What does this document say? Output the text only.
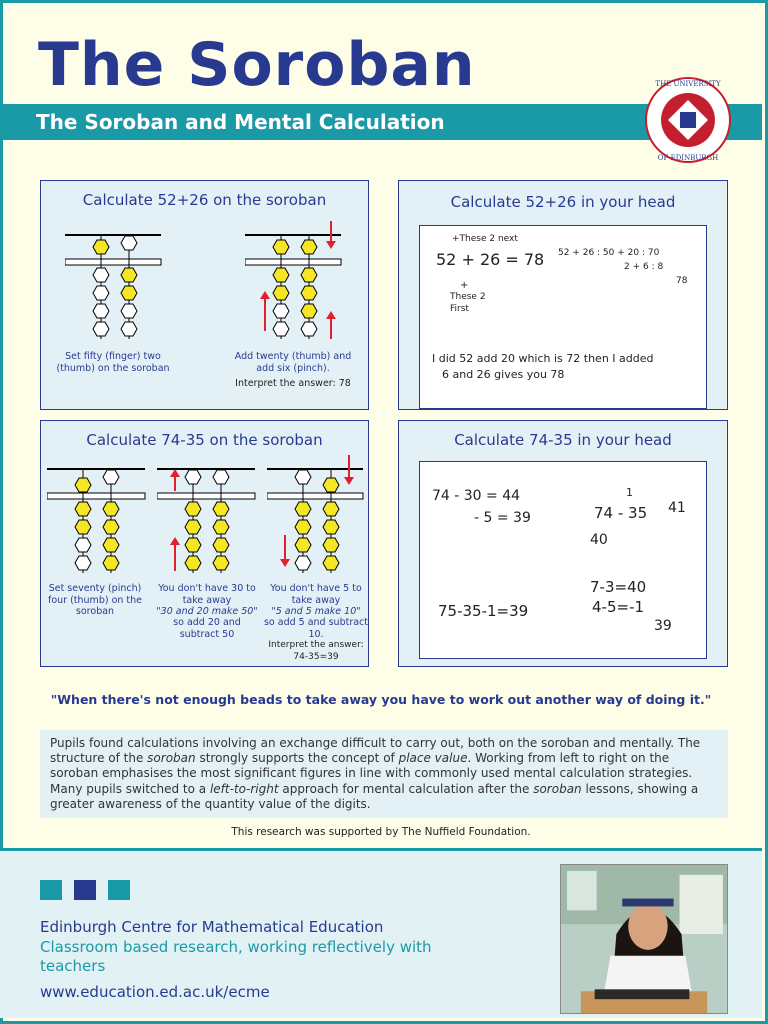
The Soroban
The Soroban and Mental Calculation
THE UNIVERSITY
OF EDINBURGH
Calculate 52+26 on the soroban
Set fifty (finger) two (thumb) on the soroban
Add twenty (thumb) and add six (pinch).
Interpret the answer: 78
Calculate 52+26 in your head
+These 2 next
52 + 26 = 78
+
These 2
First
52 + 26 : 50 + 20 : 70
2 + 6 : 8
78
I did 52 add 20 which is 72 then I added
6 and 26 gives you 78
Calculate 74-35 on the soroban
Set seventy (pinch) four (thumb) on the soroban
You don't have 30 to take away
"30 and 20 make 50"
so add 20 and subtract 50
You don't have 5 to take away
"5 and 5 make 10"
so add 5 and subtract 10.
Interpret the answer: 74-35=39
Calculate 74-35 in your head
74 - 30 = 44
- 5 = 39
1
74 - 35 41
40
7-3=40
4-5=-1
39
75-35-1=39
"When there's not enough beads to take away you have to work out another way of doing it."
Pupils found calculations involving an exchange difficult to carry out, both on the soroban and mentally. The structure of the soroban strongly supports the concept of place value. Working from left to right on the soroban emphasises the most significant figures in line with commonly used mental calculation strategies. Many pupils switched to a left-to-right approach for mental calculation after the soroban lessons, showing a greater awareness of the quantity value of the digits.
This research was supported by The Nuffield Foundation.
Edinburgh Centre for Mathematical Education
Classroom based research, working reflectively with teachers
www.education.ed.ac.uk/ecme
